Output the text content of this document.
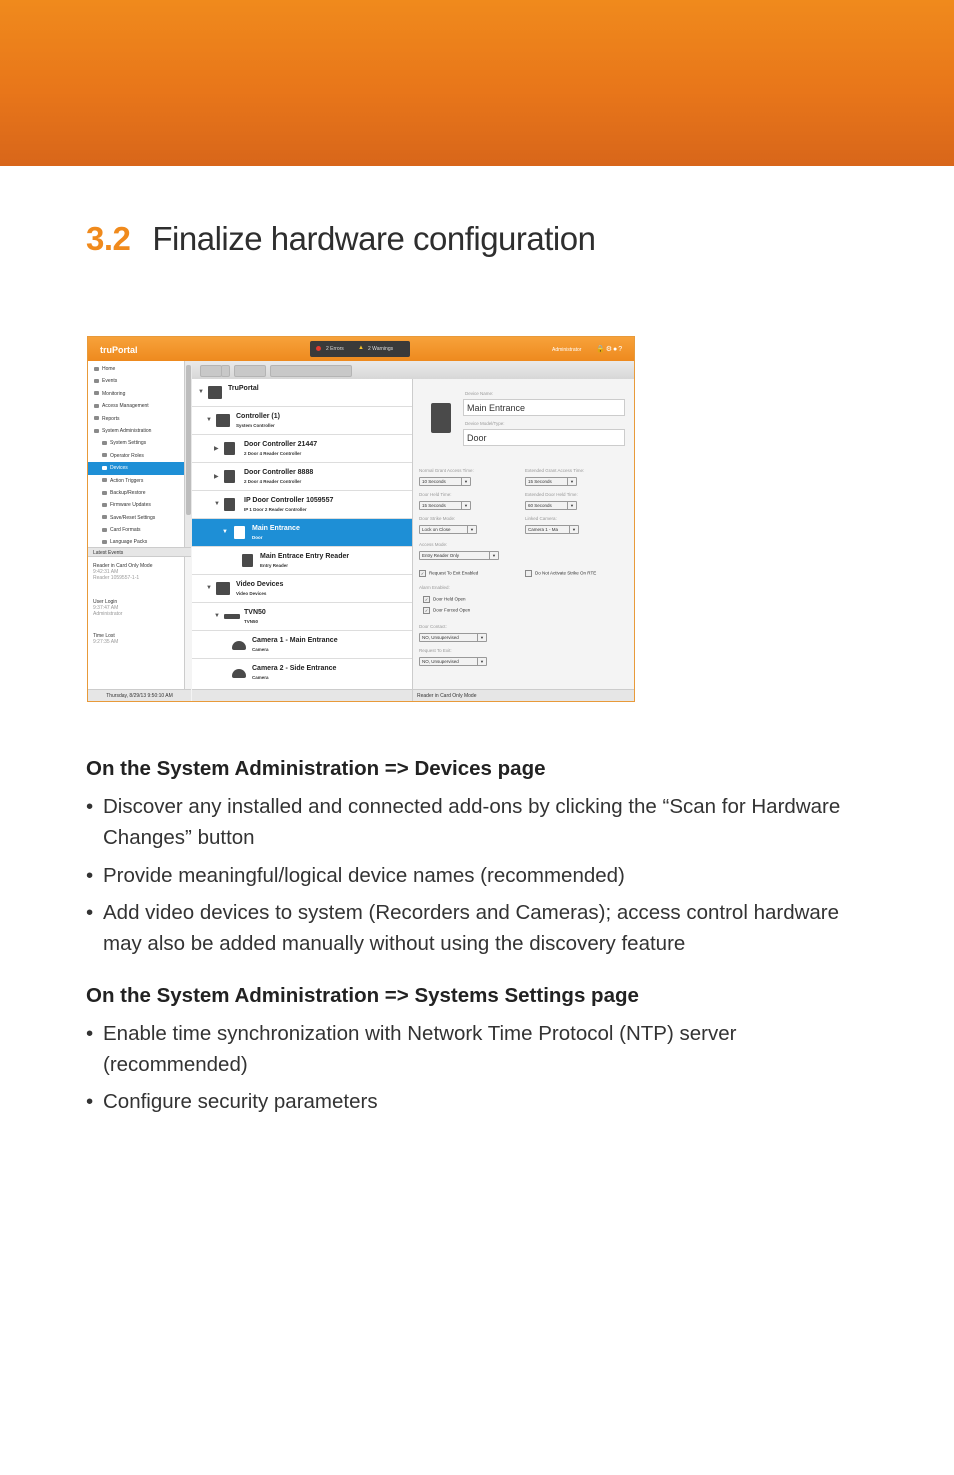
3.2 Finalize hardware configuration
truPortal	2 Errors ▲ 2 Warnings	Administrator 🔒⚙●?
Home
Events
Monitoring
Access Management
Reports
System Administration
System Settings
Operator Roles
Devices
Action Triggers
Backup/Restore
Firmware Updates
Save/Reset Settings
Card Formats
Language Packs
Latest Events
Reader in Card Only Mode
9:42:31 AM
Reader 1059557-1-1
User Login
9:37:47 AM
Administrator
Time Lost
9:27:35 AM
Thursday, 8/29/13 9:50:10 AM
▼	TruPortal
▼	Controller (1)
System Controller
▶
Door Controller 21447
2 Door 4 Reader Controller
▶
Door Controller 8888
2 Door 4 Reader Controller
▼	IP Door Controller 1059557
IP 1 Door 2 Reader Controller
▼	Main Entrance
Door
Main Entrace Entry Reader
Entry Reader
▼	Video Devices
Video Devices
▼	TVN50
TVN50
Camera 1 - Main Entrance
Camera
Camera 2 - Side Entrance
Camera
Device Name:
Main Entrance
Device Model/Type:
Door
Normal Grant Access Time:
10 Seconds	▼
Extended Grant Access Time:
15 Seconds	▼
Door Held Time:
15 Seconds	▼
Extended Door Held Time:
60 Seconds	▼
Door Strike Mode:
Lock on Close	▼
Linked Camera:
Camera 1 - Ma	▼
Access Mode:
Entry Reader Only	▼
✓ Request To Exit Enabled	Do Not Activate Strike On RTE
Alarm Enabled:
✓ Door Held Open
✓ Door Forced Open
Door Contact:
NO, Unsupervised	▼
Request To Exit:
NO, Unsupervised	▼
Reader in Card Only Mode
On the System Administration => Devices page
• Discover any installed and connected add-ons by clicking the “Scan for Hardware Changes” button
• Provide meaningful/logical device names (recommended)
• Add video devices to system (Recorders and Cameras); access control hardware may also be added manually without using the discovery feature
On the System Administration => Systems Settings page
• Enable time synchronization with Network Time Protocol (NTP) server (recommended)
• Configure security parameters
